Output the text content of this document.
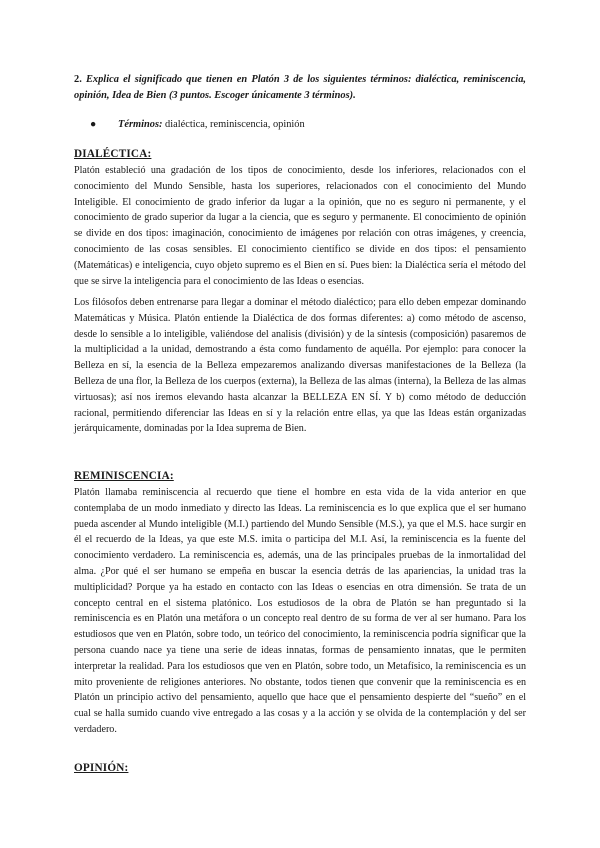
2. Explica el significado que tienen en Platón 3 de los siguientes términos: dialéctica, reminiscencia, opinión, Idea de Bien (3 puntos. Escoger únicamente 3 términos).
● Términos: dialéctica, reminiscencia, opinión
DIALÉCTICA:

Platón estableció una gradación de los tipos de conocimiento, desde los inferiores, relacionados con el conocimiento del Mundo Sensible, hasta los superiores, relacionados con el conocimiento del Mundo Inteligible. El conocimiento de grado inferior da lugar a la opinión, que no es seguro ni permanente, y el conocimiento de grado superior da lugar a la ciencia, que es seguro y permanente. El conocimiento de opinión se divide en dos tipos: imaginación, conocimiento de imágenes por relación con otras imágenes, y creencia, conocimiento de las cosas sensibles. El conocimiento científico se divide en dos tipos: el pensamiento (Matemáticas) e inteligencia, cuyo objeto supremo es el Bien en sí. Pues bien: la Dialéctica sería el método del que se sirve la inteligencia para el conocimiento de las Ideas o esencias.

Los filósofos deben entrenarse para llegar a dominar el método dialéctico; para ello deben empezar dominando Matemáticas y Música. Platón entiende la Dialéctica de dos formas diferentes: a) como método de ascenso, desde lo sensible a lo inteligible, valiéndose del analisis (división) y de la síntesis (composición) pasaremos de la multiplicidad a la unidad, demostrando a ésta como fundamento de aquélla. Por ejemplo: para conocer la Belleza en sí, la esencia de la Belleza empezaremos analizando diversas manifestaciones de la Belleza (la Belleza de una flor, la Belleza de los cuerpos (externa), la Belleza de las almas (interna), la Belleza de las almas virtuosas); así nos iremos elevando hasta alcanzar la BELLEZA EN SÍ. Y b) como método de deducción racional, permitiendo diferenciar las Ideas en sí y la relación entre ellas, ya que las Ideas están organizadas jerárquicamente, dominadas por la Idea suprema de Bien.

REMINISCENCIA:

Platón llamaba reminiscencia al recuerdo que tiene el hombre en esta vida de la vida anterior en que contemplaba de un modo inmediato y directo las Ideas. La reminiscencia es lo que explica que el ser humano pueda ascender al Mundo inteligible (M.I.) partiendo del Mundo Sensible (M.S.), ya que el M.S. hace surgir en él el recuerdo de la Ideas, ya que este M.S. imita o participa del M.I. Así, la reminiscencia es la fuente del conocimiento verdadero. La reminiscencia es, además, una de las principales pruebas de la inmortalidad del alma. ¿Por qué el ser humano se empeña en buscar la esencia detrás de las apariencias, la unidad tras la multiplicidad? Porque ya ha estado en contacto con las Ideas o esencias en otra dimensión. Se trata de un concepto central en el sistema platónico. Los estudiosos de la obra de Platón se han preguntado si la reminiscencia es en Platón una metáfora o un concepto real dentro de su forma de ver al ser humano. Para los estudiosos que ven en Platón, sobre todo, un teórico del conocimiento, la reminiscencia podría significar que la persona cuando nace ya tiene una serie de ideas innatas, formas de pensamiento innatas, que le permiten interpretar la realidad. Para los estudiosos que ven en Platón, sobre todo, un Metafísico, la reminiscencia es un mito proveniente de religiones anteriores. No obstante, todos tienen que convenir que la reminiscencia es en Platón un principio activo del pensamiento, aquello que hace que el pensamiento despierte del “sueño” en el cual se halla sumido cuando vive entregado a las cosas y a la acción y se olvida de la contemplación y del ser verdadero.

OPINIÓN:
